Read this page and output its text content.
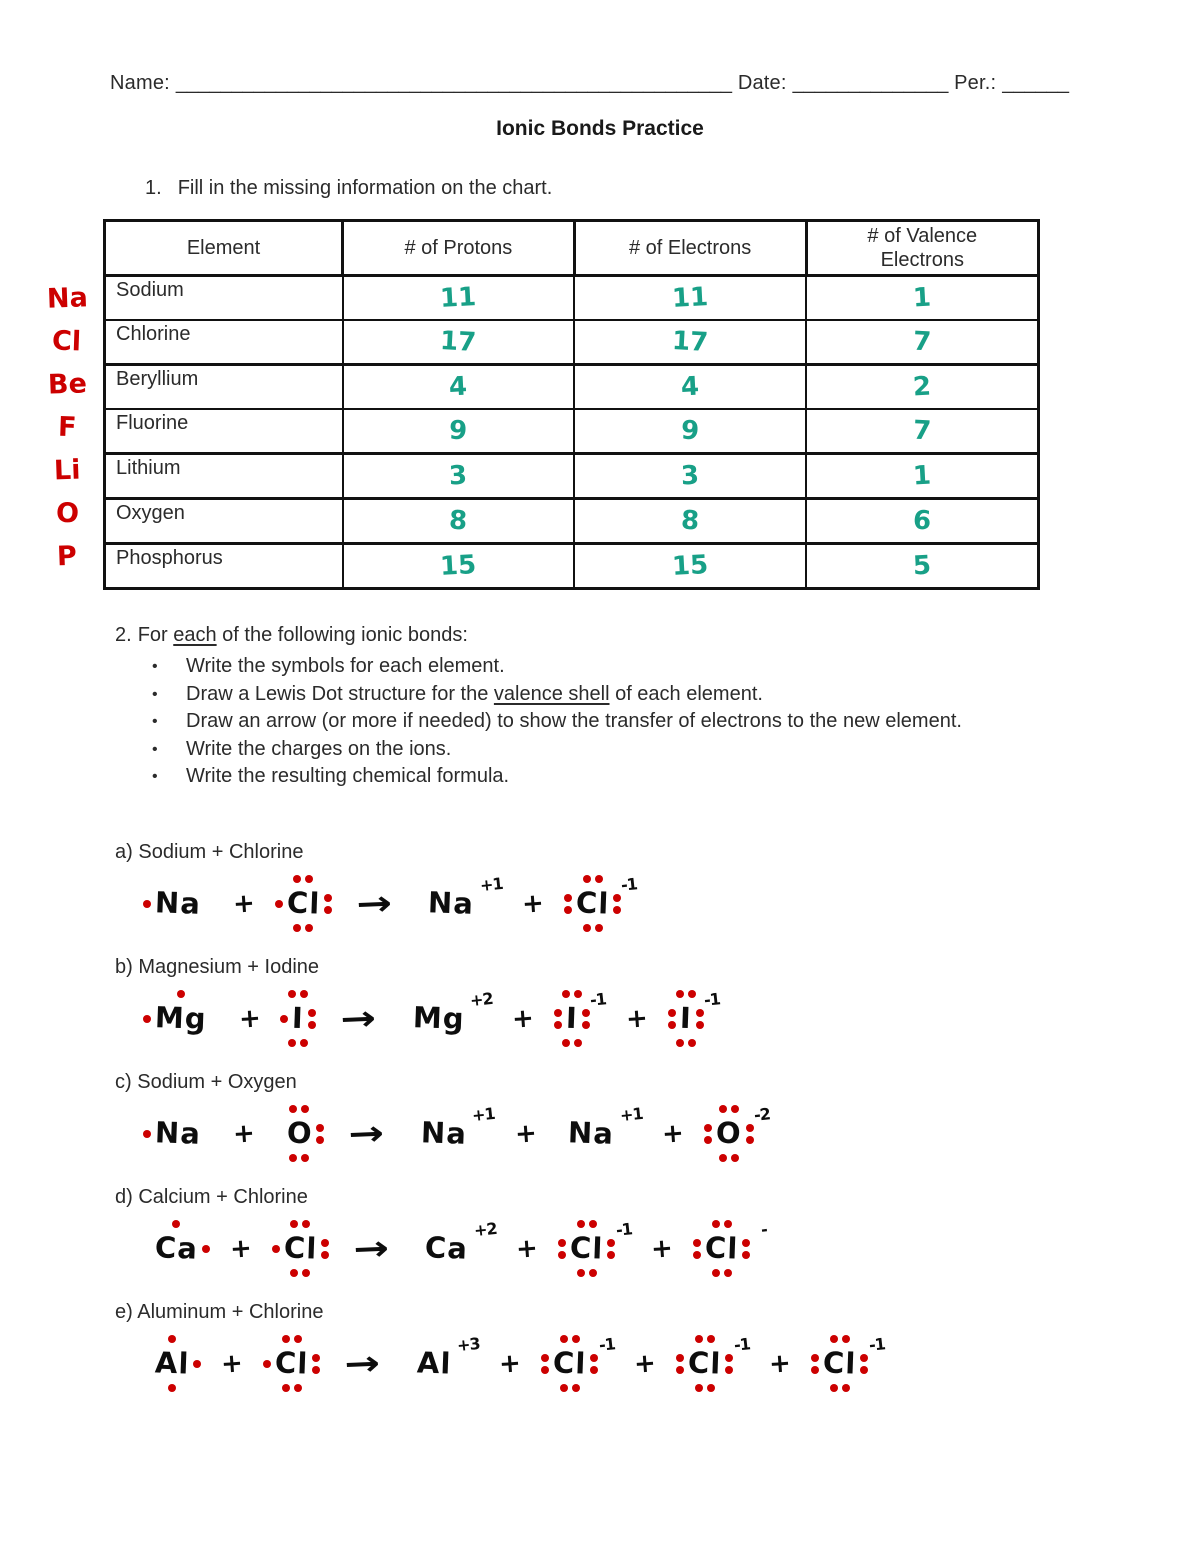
Name: __________________________________________________ Date: ______________ Per.: ______
Ionic Bonds Practice
1. Fill in the missing information on the chart.
Na
Cl
Be
F
Li
O
P
Element	# of Protons	# of Electrons	# of Valence Electrons
Sodium	11	11	1
Chlorine	17	17	7
Beryllium	4	4	2
Fluorine	9	9	7
Lithium	3	3	1
Oxygen	8	8	6
Phosphorus	15	15	5
2. For each of the following ionic bonds:
• Write the symbols for each element.
• Draw a Lewis Dot structure for the valence shell of each element.
• Draw an arrow (or more if needed) to show the transfer of electrons to the new element.
• Write the charges on the ions.
• Write the resulting chemical formula.
a) Sodium + Chlorine
Na + Cl → Na
+1
+ Cl
-1
b) Magnesium + Iodine
Mg + I → Mg
+2
+ I
-1
+ I
-1
c) Sodium + Oxygen
Na + O → Na
+1
+ Na
+1
+ O
-2
d) Calcium + Chlorine
Ca + Cl → Ca
+2
+ Cl
-1
+ Cl
-
e) Aluminum + Chlorine
Al + Cl → Al
+3
+ Cl
-1
+ Cl
-1
+ Cl
-1
